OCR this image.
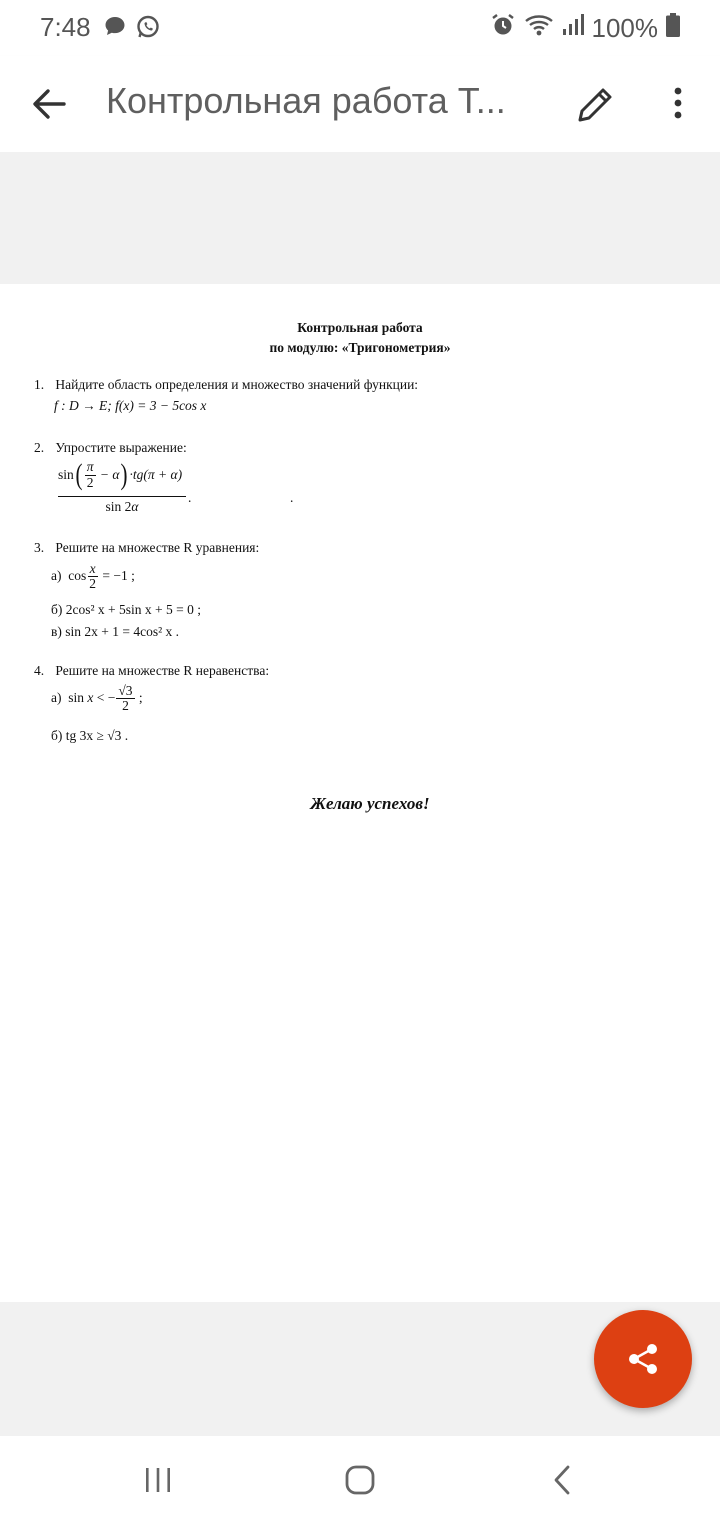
7:48	100%
Контрольная работа Т...
Контрольная работа
по модулю: «Тригонометрия»
1. Найдите область определения и множество значений функции:
f : D → E; f(x) = 3 − 5cos x
2. Упростите выражение:
sin ( $\frac{\pi}{2} - \alpha$ ) ·tg(π + α)
sin 2α
.	.
3. Решите на множестве R уравнения:
а)  $\cos \frac{x}{2} = -1$ ;
б) 2cos² x + 5sin x + 5 = 0 ;
в) sin 2x + 1 = 4cos² x .
4. Решите на множестве R неравенства:
а)  sin x < − $\frac{√3}{2}$ ;
б) tg 3x ≥ √3 .
Желаю успехов!
